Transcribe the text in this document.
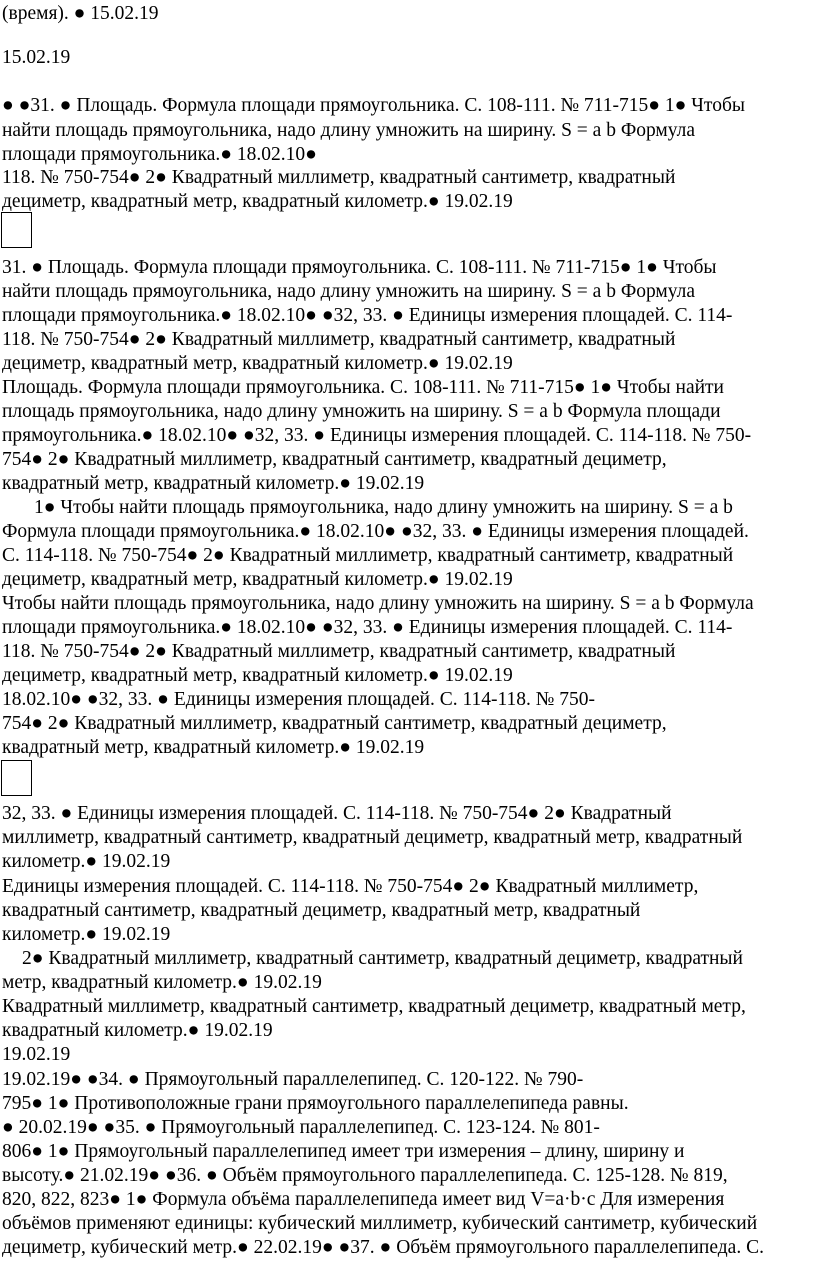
(время). ● 15.02.19
15.02.19
● ●31. ● Площадь. Формула площади прямоугольника. С. 108-111. № 711-715● 1● Чтобы
найти площадь прямоугольника, надо длину умножить на ширину. S = a b Формула
площади прямоугольника.● 18.02.10●
118. № 750-754● 2● Квадратный миллиметр, квадратный сантиметр, квадратный
дециметр, квадратный метр, квадратный километр.● 19.02.19
31. ● Площадь. Формула площади прямоугольника. С. 108-111. № 711-715● 1● Чтобы
найти площадь прямоугольника, надо длину умножить на ширину. S = a b Формула
площади прямоугольника.● 18.02.10● ●32, 33. ● Единицы измерения площадей. С. 114-
118. № 750-754● 2● Квадратный миллиметр, квадратный сантиметр, квадратный
дециметр, квадратный метр, квадратный километр.● 19.02.19
Площадь. Формула площади прямоугольника. С. 108-111. № 711-715● 1● Чтобы найти
площадь прямоугольника, надо длину умножить на ширину. S = a b Формула площади
прямоугольника.● 18.02.10● ●32, 33. ● Единицы измерения площадей. С. 114-118. № 750-
754● 2● Квадратный миллиметр, квадратный сантиметр, квадратный дециметр,
квадратный метр, квадратный километр.● 19.02.19
1● Чтобы найти площадь прямоугольника, надо длину умножить на ширину. S = a b
Формула площади прямоугольника.● 18.02.10● ●32, 33. ● Единицы измерения площадей.
С. 114-118. № 750-754● 2● Квадратный миллиметр, квадратный сантиметр, квадратный
дециметр, квадратный метр, квадратный километр.● 19.02.19
Чтобы найти площадь прямоугольника, надо длину умножить на ширину. S = a b Формула
площади прямоугольника.● 18.02.10● ●32, 33. ● Единицы измерения площадей. С. 114-
118. № 750-754● 2● Квадратный миллиметр, квадратный сантиметр, квадратный
дециметр, квадратный метр, квадратный километр.● 19.02.19
18.02.10● ●32, 33. ● Единицы измерения площадей. С. 114-118. № 750-
754● 2● Квадратный миллиметр, квадратный сантиметр, квадратный дециметр,
квадратный метр, квадратный километр.● 19.02.19
32, 33. ● Единицы измерения площадей. С. 114-118. № 750-754● 2● Квадратный
миллиметр, квадратный сантиметр, квадратный дециметр, квадратный метр, квадратный
километр.● 19.02.19
Единицы измерения площадей. С. 114-118. № 750-754● 2● Квадратный миллиметр,
квадратный сантиметр, квадратный дециметр, квадратный метр, квадратный
километр.● 19.02.19
2● Квадратный миллиметр, квадратный сантиметр, квадратный дециметр, квадратный
метр, квадратный километр.● 19.02.19
Квадратный миллиметр, квадратный сантиметр, квадратный дециметр, квадратный метр,
квадратный километр.● 19.02.19
19.02.19
19.02.19● ●34. ● Прямоугольный параллелепипед. С. 120-122. № 790-
795● 1● Противоположные грани прямоугольного параллелепипеда равны.
● 20.02.19● ●35. ● Прямоугольный параллелепипед. С. 123-124. № 801-
806● 1● Прямоугольный параллелепипед имеет три измерения – длину, ширину и
высоту.● 21.02.19● ●36. ● Объём прямоугольного параллелепипеда. С. 125-128. № 819,
820, 822, 823● 1● Формула объёма параллелепипеда имеет вид V=a·b·c Для измерения
объёмов применяют единицы: кубический миллиметр, кубический сантиметр, кубический
дециметр, кубический метр.● 22.02.19● ●37. ● Объём прямоугольного параллелепипеда. С.
